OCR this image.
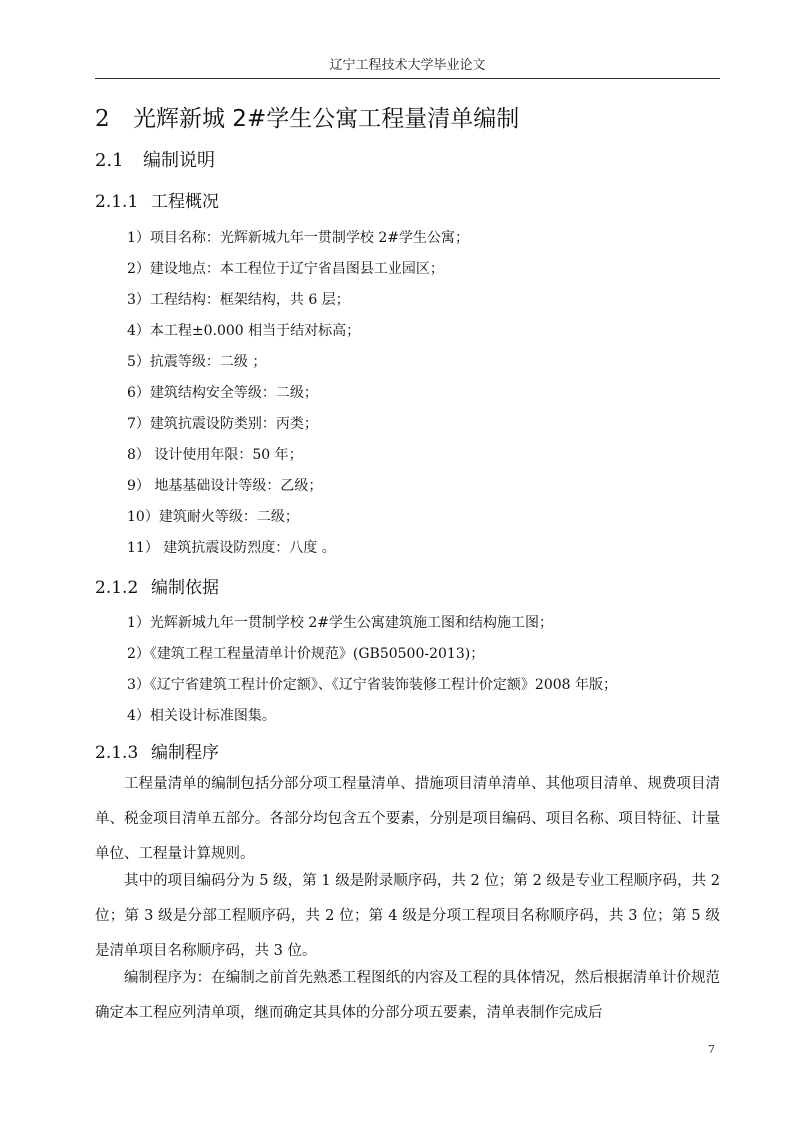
辽宁工程技术大学毕业论文
2 光辉新城 2#学生公寓工程量清单编制
2.1 编制说明
2.1.1 工程概况
1）项目名称：光辉新城九年一贯制学校 2#学生公寓；
2）建设地点：本工程位于辽宁省昌图县工业园区；
3）工程结构：框架结构，共 6 层；
4）本工程±0.000 相当于结对标高；
5）抗震等级：二级 ；
6）建筑结构安全等级：二级；
7）建筑抗震设防类别：丙类；
8） 设计使用年限：50 年；
9） 地基基础设计等级：乙级；
10）建筑耐火等级：二级；
11） 建筑抗震设防烈度：八度 。
2.1.2 编制依据
1）光辉新城九年一贯制学校 2#学生公寓建筑施工图和结构施工图；
2）《建筑工程工程量清单计价规范》(GB50500-2013)；
3）《辽宁省建筑工程计价定额》、《辽宁省装饰装修工程计价定额》2008 年版；
4）相关设计标准图集。
2.1.3 编制程序
工程量清单的编制包括分部分项工程量清单、措施项目清单清单、其他项目清单、规费项目清单、税金项目清单五部分。各部分均包含五个要素，分别是项目编码、项目名称、项目特征、计量单位、工程量计算规则。
其中的项目编码分为 5 级，第 1 级是附录顺序码，共 2 位；第 2 级是专业工程顺序码，共 2 位；第 3 级是分部工程顺序码，共 2 位；第 4 级是分项工程项目名称顺序码，共 3 位；第 5 级是清单项目名称顺序码，共 3 位。
编制程序为：在编制之前首先熟悉工程图纸的内容及工程的具体情况，然后根据清单计价规范确定本工程应列清单项，继而确定其具体的分部分项五要素，清单表制作完成后
7
